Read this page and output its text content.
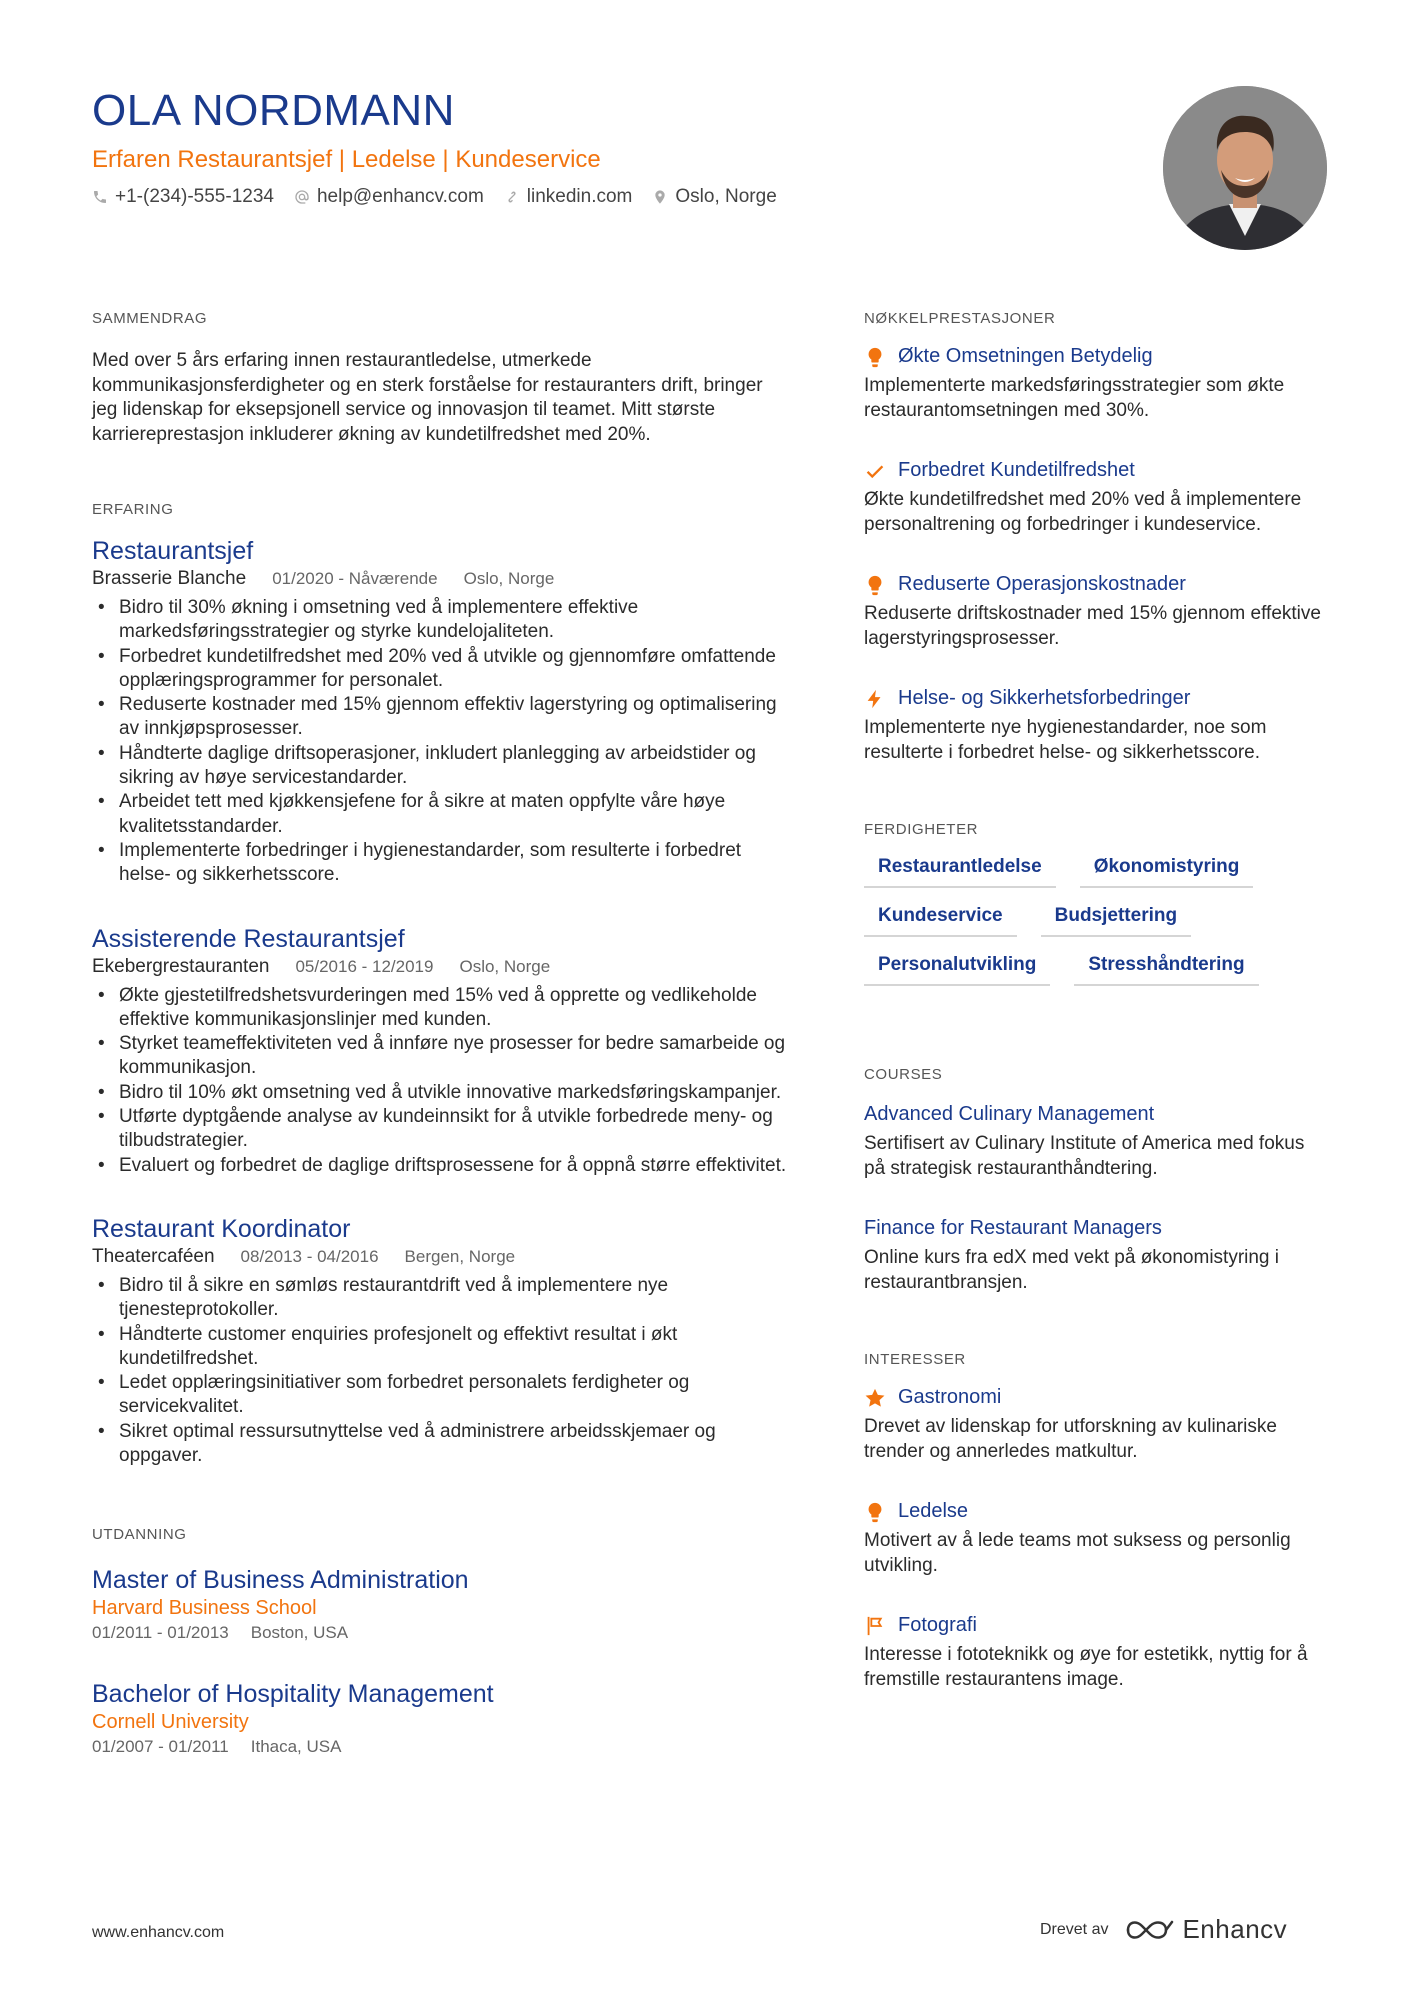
OLA NORDMANN
Erfaren Restaurantsjef | Ledelse | Kundeservice
+1-(234)-555-1234 help@enhancv.com linkedin.com Oslo, Norge
SAMMENDRAG
Med over 5 års erfaring innen restaurantledelse, utmerkede kommunikasjonsferdigheter og en sterk forståelse for restauranters drift, bringer jeg lidenskap for eksepsjonell service og innovasjon til teamet. Mitt største karriereprestasjon inkluderer økning av kundetilfredshet med 20%.
ERFARING
Restaurantsjef
Brasserie Blanche 01/2020 - Nåværende Oslo, Norge
• Bidro til 30% økning i omsetning ved å implementere effektive markedsføringsstrategier og styrke kundelojaliteten.
• Forbedret kundetilfredshet med 20% ved å utvikle og gjennomføre omfattende opplæringsprogrammer for personalet.
• Reduserte kostnader med 15% gjennom effektiv lagerstyring og optimalisering av innkjøpsprosesser.
• Håndterte daglige driftsoperasjoner, inkludert planlegging av arbeidstider og sikring av høye servicestandarder.
• Arbeidet tett med kjøkkensjefene for å sikre at maten oppfylte våre høye kvalitetsstandarder.
• Implementerte forbedringer i hygienestandarder, som resulterte i forbedret helse- og sikkerhetsscore.
Assisterende Restaurantsjef
Ekebergrestauranten 05/2016 - 12/2019 Oslo, Norge
• Økte gjestetilfredshetsvurderingen med 15% ved å opprette og vedlikeholde effektive kommunikasjonslinjer med kunden.
• Styrket teameffektiviteten ved å innføre nye prosesser for bedre samarbeide og kommunikasjon.
• Bidro til 10% økt omsetning ved å utvikle innovative markedsføringskampanjer.
• Utførte dyptgående analyse av kundeinnsikt for å utvikle forbedrede meny- og tilbudstrategier.
• Evaluert og forbedret de daglige driftsprosessene for å oppnå større effektivitet.
Restaurant Koordinator
Theatercaféen 08/2013 - 04/2016 Bergen, Norge
• Bidro til å sikre en sømløs restaurantdrift ved å implementere nye tjenesteprotokoller.
• Håndterte customer enquiries profesjonelt og effektivt resultat i økt kundetilfredshet.
• Ledet opplæringsinitiativer som forbedret personalets ferdigheter og servicekvalitet.
• Sikret optimal ressursutnyttelse ved å administrere arbeidsskjemaer og oppgaver.
UTDANNING
Master of Business Administration
Harvard Business School
01/2011 - 01/2013 Boston, USA
Bachelor of Hospitality Management
Cornell University
01/2007 - 01/2011 Ithaca, USA
NØKKELPRESTASJONER
Økte Omsetningen Betydelig
Implementerte markedsføringsstrategier som økte restaurantomsetningen med 30%.
Forbedret Kundetilfredshet
Økte kundetilfredshet med 20% ved å implementere personaltrening og forbedringer i kundeservice.
Reduserte Operasjonskostnader
Reduserte driftskostnader med 15% gjennom effektive lagerstyringsprosesser.
Helse- og Sikkerhetsforbedringer
Implementerte nye hygienestandarder, noe som resulterte i forbedret helse- og sikkerhetsscore.
FERDIGHETER
Restaurantledelse	Økonomistyring
Kundeservice	Budsjettering
Personalutvikling	Stresshåndtering
COURSES
Advanced Culinary Management
Sertifisert av Culinary Institute of America med fokus på strategisk restauranthåndtering.
Finance for Restaurant Managers
Online kurs fra edX med vekt på økonomistyring i restaurantbransjen.
INTERESSER
Gastronomi
Drevet av lidenskap for utforskning av kulinariske trender og annerledes matkultur.
Ledelse
Motivert av å lede teams mot suksess og personlig utvikling.
Fotografi
Interesse i fototeknikk og øye for estetikk, nyttig for å fremstille restaurantens image.
www.enhancv.com	Drevet av	Enhancv
